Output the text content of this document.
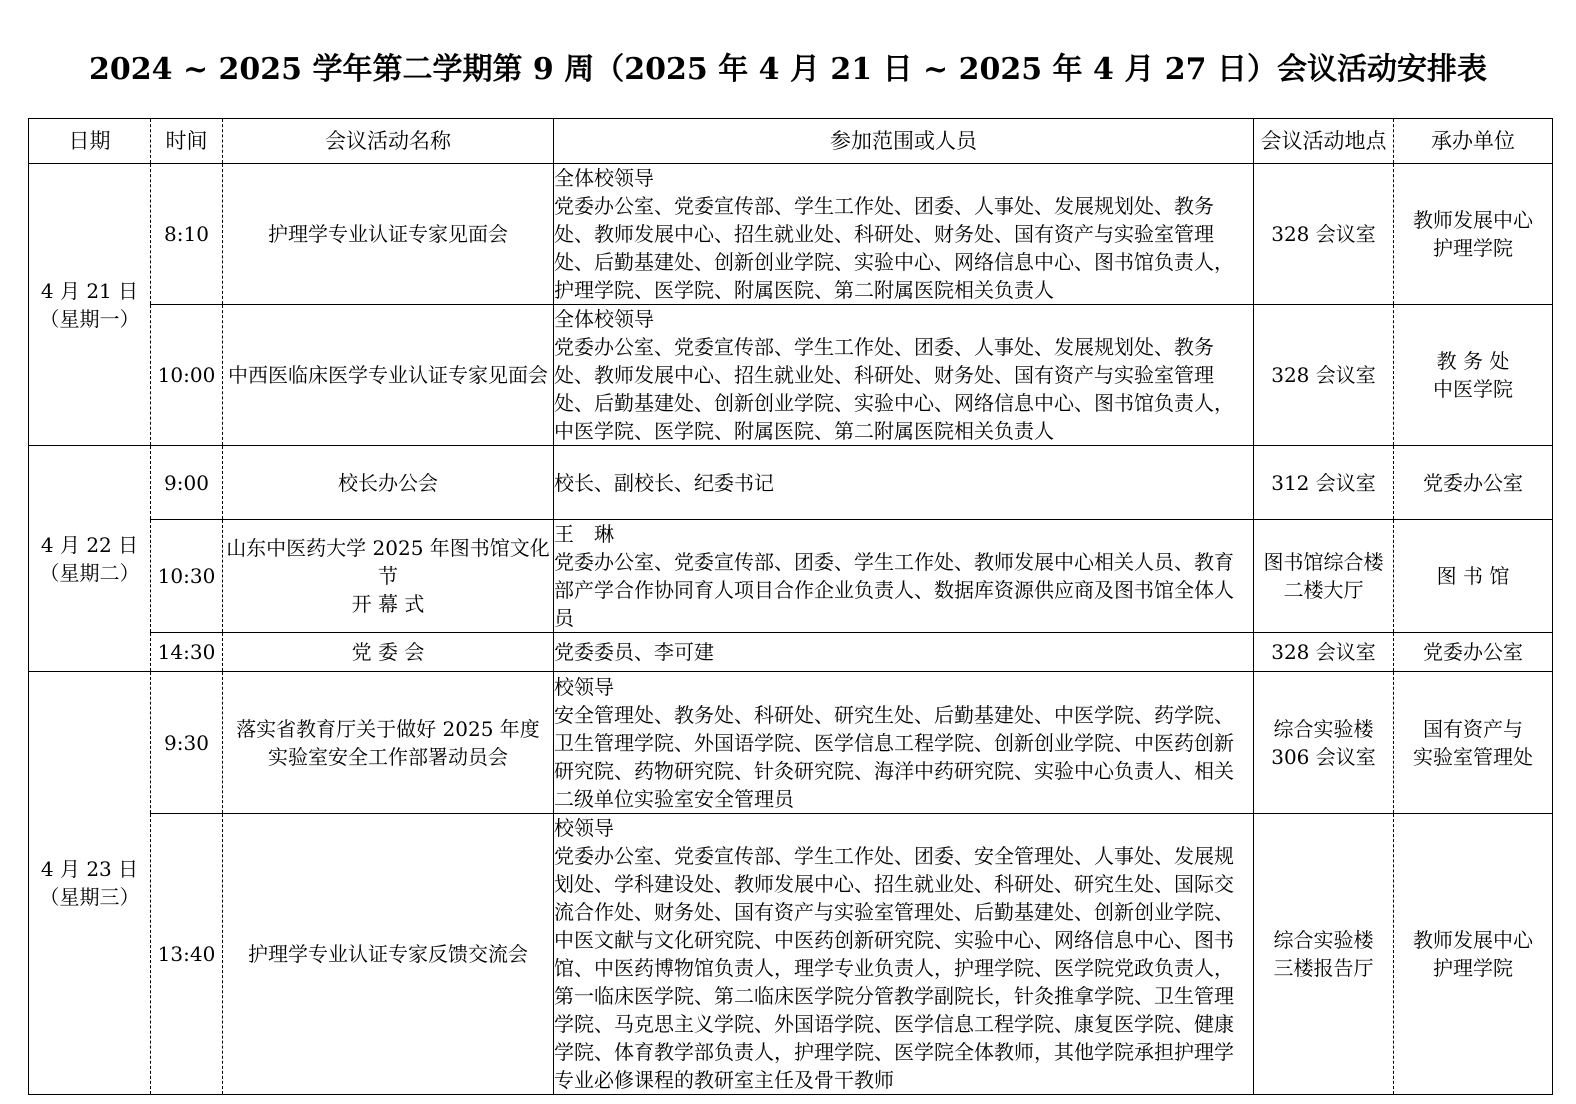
2024 ~ 2025 学年第二学期第 9 周（2025 年 4 月 21 日 ~ 2025 年 4 月 27 日）会议活动安排表
日期	时间	会议活动名称	参加范围或人员	会议活动地点	承办单位

4 月 21 日
（星期一）	8:10	护理学专业认证专家见面会	全体校领导
党委办公室、党委宣传部、学生工作处、团委、人事处、发展规划处、教务处、教师发展中心、招生就业处、科研处、财务处、国有资产与实验室管理处、后勤基建处、创新创业学院、实验中心、网络信息中心、图书馆负责人，护理学院、医学院、附属医院、第二附属医院相关负责人	328 会议室	教师发展中心
护理学院

	10:00	中西医临床医学专业认证专家见面会	全体校领导
党委办公室、党委宣传部、学生工作处、团委、人事处、发展规划处、教务处、教师发展中心、招生就业处、科研处、财务处、国有资产与实验室管理处、后勤基建处、创新创业学院、实验中心、网络信息中心、图书馆负责人，中医学院、医学院、附属医院、第二附属医院相关负责人	328 会议室	教 务 处
中医学院

4 月 22 日
（星期二）	9:00	校长办公会	校长、副校长、纪委书记	312 会议室	党委办公室

	10:30	山东中医药大学 2025 年图书馆文化节
开 幕 式	王　琳
党委办公室、党委宣传部、团委、学生工作处、教师发展中心相关人员、教育部产学合作协同育人项目合作企业负责人、数据库资源供应商及图书馆全体人员	图书馆综合楼
二楼大厅	图 书 馆

	14:30	党 委 会	党委委员、李可建	328 会议室	党委办公室

4 月 23 日
（星期三）	9:30	落实省教育厅关于做好 2025 年度
实验室安全工作部署动员会	校领导
安全管理处、教务处、科研处、研究生处、后勤基建处、中医学院、药学院、卫生管理学院、外国语学院、医学信息工程学院、创新创业学院、中医药创新研究院、药物研究院、针灸研究院、海洋中药研究院、实验中心负责人、相关二级单位实验室安全管理员	综合实验楼
306 会议室	国有资产与
实验室管理处

	13:40	护理学专业认证专家反馈交流会	校领导
党委办公室、党委宣传部、学生工作处、团委、安全管理处、人事处、发展规划处、学科建设处、教师发展中心、招生就业处、科研处、研究生处、国际交流合作处、财务处、国有资产与实验室管理处、后勤基建处、创新创业学院、中医文献与文化研究院、中医药创新研究院、实验中心、网络信息中心、图书馆、中医药博物馆负责人，理学专业负责人，护理学院、医学院党政负责人，第一临床医学院、第二临床医学院分管教学副院长，针灸推拿学院、卫生管理学院、马克思主义学院、外国语学院、医学信息工程学院、康复医学院、健康学院、体育教学部负责人，护理学院、医学院全体教师，其他学院承担护理学专业必修课程的教研室主任及骨干教师	综合实验楼
三楼报告厅	教师发展中心
护理学院
